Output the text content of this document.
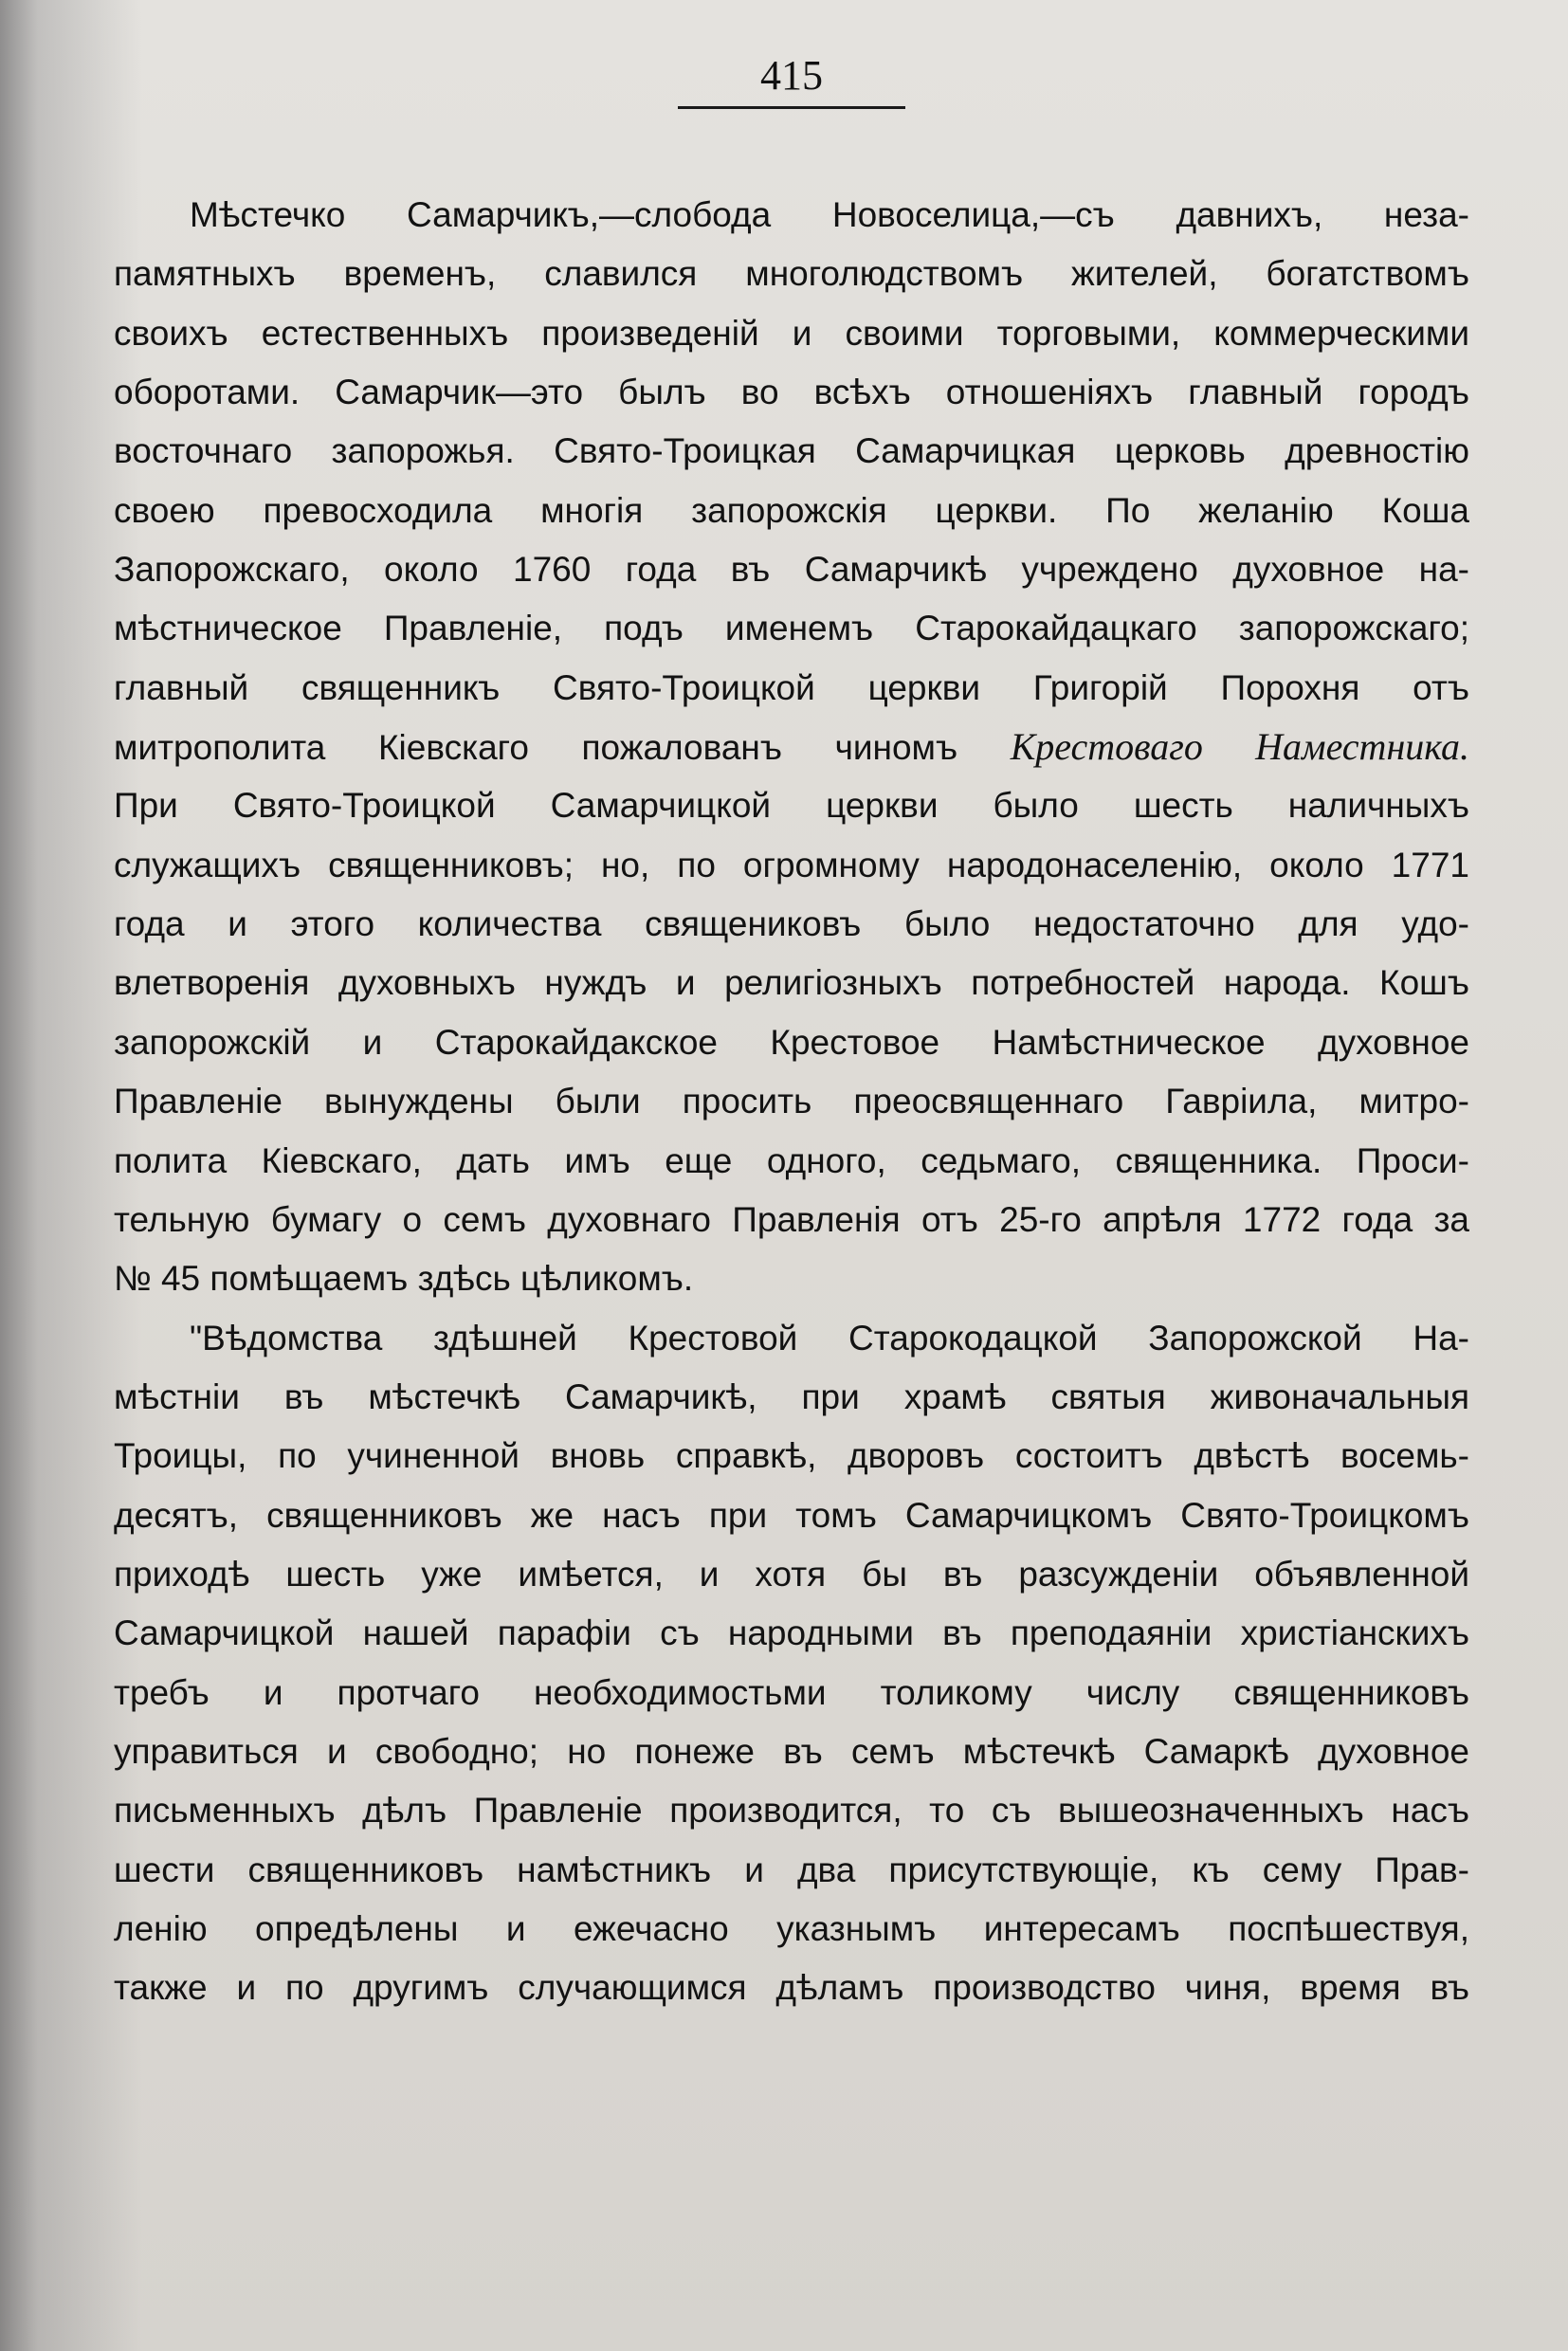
415
Мѣстечко Самарчикъ,—слобода Новоселица,—съ давнихъ, неза-
памятныхъ временъ, славился многолюдствомъ жителей, богатствомъ
своихъ естественныхъ произведенiй и своими торговыми, коммерческими
оборотами. Самарчик—это былъ во всѣхъ отношенiяхъ главный городъ
восточнаго запорожья. Свято-Троицкая Самарчицкая церковь древностiю
своею превосходила многiя запорожскiя церкви. По желанiю Коша
Запорожскаго, около 1760 года въ Самарчикѣ учреждено духовное на-
мѣстническое Правленiе, подъ именемъ Старокайдацкаго запорожскаго;
главный священникъ Свято-Троицкой церкви Григорiй Порохня отъ
митрополита Кiевскаго пожалованъ чиномъ Крестоваго Наместника.
При Свято-Троицкой Самарчицкой церкви было шесть наличныхъ
служащихъ священниковъ; но, по огромному народонаселенiю, около 1771
года и этого количества священиковъ было недостаточно для удо-
влетворенiя духовныхъ нуждъ и религiозныхъ потребностей народа. Кошъ
запорожскiй и Старокайдакское Крестовое Намѣстническое духовное
Правленiе вынуждены были просить преосвященнаго Гаврiила, митро-
полита Кiевскаго, дать имъ еще одного, седьмаго, священника. Проси-
тельную бумагу о семъ духовнаго Правленiя отъ 25-го апрѣля 1772 года за
№ 45 помѣщаемъ здѣсь цѣликомъ.
"Вѣдомства здѣшней Крестовой Старокодацкой Запорожской На-
мѣстнiи въ мѣстечкѣ Самарчикѣ, при храмѣ святыя живоначальныя
Троицы, по учиненной вновь справкѣ, дворовъ состоитъ двѣстѣ восемь-
десятъ, священниковъ же насъ при томъ Самарчицкомъ Свято-Троицкомъ
приходѣ шесть уже имѣется, и хотя бы въ разсужденiи объявленной
Самарчицкой нашей парафiи съ народными въ преподаянiи христiанскихъ
требъ и протчаго необходимостьми толикому числу священниковъ
управиться и свободно; но понеже въ семъ мѣстечкѣ Самаркѣ духовное
письменныхъ дѣлъ Правленiе производится, то съ вышеозначенныхъ насъ
шести священниковъ намѣстникъ и два присутствующiе, къ сему Прав-
ленiю опредѣлены и ежечасно указнымъ интересамъ поспѣшествуя,
также и по другимъ случающимся дѣламъ производство чиня, время въ
